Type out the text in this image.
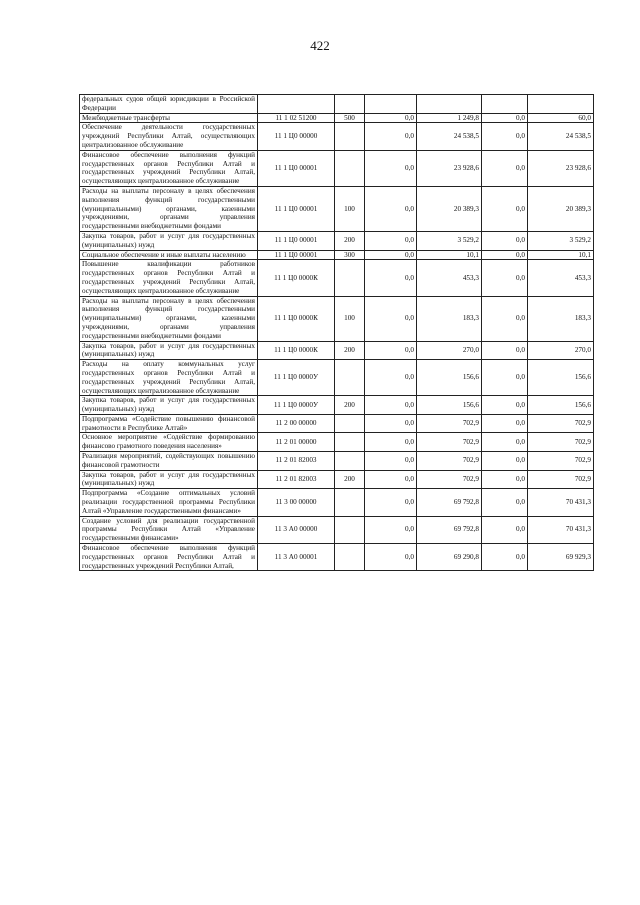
422
федеральных судов общей юрисдикции в Российской Федерации						
Межбюджетные трансферты	11 1 02 51200	500	0,0	1 249,8	0,0	60,0
Обеспечение деятельности государственных учреждений Республики Алтай, осуществляющих централизованное обслуживание	11 1 Ц0 00000		0,0	24 538,5	0,0	24 538,5
Финансовое обеспечение выполнения функций государственных органов Республики Алтай и государственных учреждений Республики Алтай, осуществляющих централизованное обслуживание	11 1 Ц0 00001		0,0	23 928,6	0,0	23 928,6
Расходы на выплаты персоналу в целях обеспечения выполнения функций государственными (муниципальными) органами, казенными учреждениями, органами управления государственными внебюджетными фондами	11 1 Ц0 00001	100	0,0	20 389,3	0,0	20 389,3
Закупка товаров, работ и услуг для государственных (муниципальных) нужд	11 1 Ц0 00001	200	0,0	3 529,2	0,0	3 529,2
Социальное обеспечение и иные выплаты населению	11 1 Ц0 00001	300	0,0	10,1	0,0	10,1
Повышение квалификации работников государственных органов Республики Алтай и государственных учреждений Республики Алтай, осуществляющих централизованное обслуживание	11 1 Ц0 0000К		0,0	453,3	0,0	453,3
Расходы на выплаты персоналу в целях обеспечения выполнения функций государственными (муниципальными) органами, казенными учреждениями, органами управления государственными внебюджетными фондами	11 1 Ц0 0000К	100	0,0	183,3	0,0	183,3
Закупка товаров, работ и услуг для государственных (муниципальных) нужд	11 1 Ц0 0000К	200	0,0	270,0	0,0	270,0
Расходы на оплату коммунальных услуг государственных органов Республики Алтай и государственных учреждений Республики Алтай, осуществляющих централизованное обслуживание	11 1 Ц0 0000У		0,0	156,6	0,0	156,6
Закупка товаров, работ и услуг для государственных (муниципальных) нужд	11 1 Ц0 0000У	200	0,0	156,6	0,0	156,6
Подпрограмма «Содействие повышению финансовой грамотности в Республике Алтай»	11 2 00 00000		0,0	702,9	0,0	702,9
Основное мероприятие «Содействие формированию финансово грамотного поведения населения»	11 2 01 00000		0,0	702,9	0,0	702,9
Реализация мероприятий, содействующих повышению финансовой грамотности	11 2 01 82003		0,0	702,9	0,0	702,9
Закупка товаров, работ и услуг для государственных (муниципальных) нужд	11 2 01 82003	200	0,0	702,9	0,0	702,9
Подпрограмма «Создание оптимальных условий реализации государственной программы Республики Алтай «Управление государственными финансами»	11 3 00 00000		0,0	69 792,8	0,0	70 431,3
Создание условий для реализации государственной программы Республики Алтай «Управление государственными финансами»	11 3 А0 00000		0,0	69 792,8	0,0	70 431,3
Финансовое обеспечение выполнения функций государственных органов Республики Алтай и государственных учреждений Республики Алтай,	11 3 А0 00001		0,0	69 290,8	0,0	69 929,3
